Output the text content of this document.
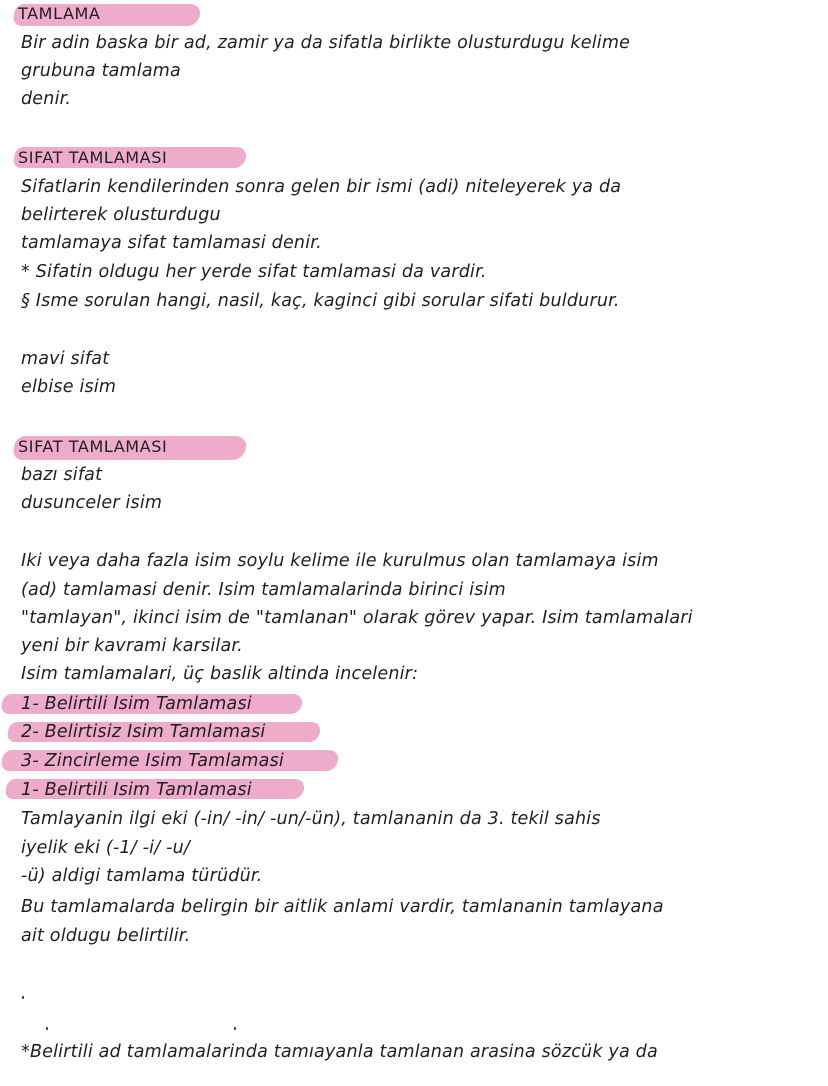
TAMLAMA
Bir adin baska bir ad, zamir ya da sifatla birlikte olusturdugu kelime
grubuna tamlama
denir.
SIFAT TAMLAMASI
Sifatlarin kendilerinden sonra gelen bir ismi (adi) niteleyerek ya da
belirterek olusturdugu
tamlamaya sifat tamlamasi denir.
* Sifatin oldugu her yerde sifat tamlamasi da vardir.
§ Isme sorulan hangi, nasil, kaç, kaginci gibi sorular sifati buldurur.
mavi sifat
elbise isim
SIFAT TAMLAMASI
bazı sifat
dusunceler isim
Iki veya daha fazla isim soylu kelime ile kurulmus olan tamlamaya isim
(ad) tamlamasi denir. Isim tamlamalarinda birinci isim
"tamlayan", ikinci isim de "tamlanan" olarak görev yapar. Isim tamlamalari
yeni bir kavrami karsilar.
Isim tamlamalari, üç baslik altinda incelenir:
1- Belirtili Isim Tamlamasi
2- Belirtisiz Isim Tamlamasi
3- Zincirleme Isim Tamlamasi
1- Belirtili Isim Tamlamasi
Tamlayanin ilgi eki (-in/ -in/ -un/-ün), tamlananin da 3. tekil sahis
iyelik eki (-1/ -i/ -u/
-ü) aldigi tamlama türüdür.
Bu tamlamalarda belirgin bir aitlik anlami vardir, tamlananin tamlayana
ait oldugu belirtilir.
*Belirtili ad tamlamalarinda tamıayanla tamlanan arasina sözcük ya da
